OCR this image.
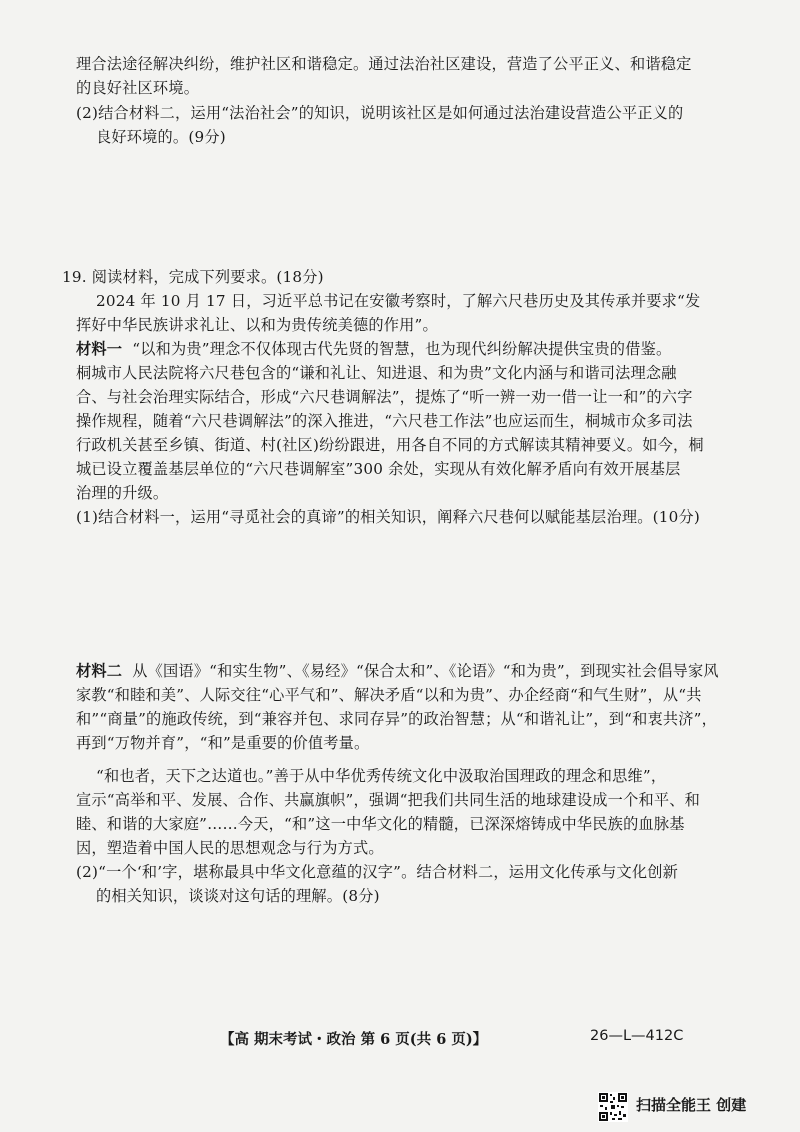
理合法途径解决纠纷，维护社区和谐稳定。通过法治社区建设，营造了公平正义、和谐稳定
的良好社区环境。
(2)结合材料二，运用“法治社会”的知识，说明该社区是如何通过法治建设营造公平正义的
良好环境的。(9分)
19. 阅读材料，完成下列要求。(18分)
2024 年 10 月 17 日，习近平总书记在安徽考察时，了解六尺巷历史及其传承并要求“发
挥好中华民族讲求礼让、以和为贵传统美德的作用”。
材料一 “以和为贵”理念不仅体现古代先贤的智慧，也为现代纠纷解决提供宝贵的借鉴。
桐城市人民法院将六尺巷包含的“谦和礼让、知进退、和为贵”文化内涵与和谐司法理念融
合、与社会治理实际结合，形成“六尺巷调解法”，提炼了“听一辨一劝一借一让一和”的六字
操作规程，随着“六尺巷调解法”的深入推进，“六尺巷工作法”也应运而生，桐城市众多司法
行政机关甚至乡镇、街道、村(社区)纷纷跟进，用各自不同的方式解读其精神要义。如今，桐
城已设立覆盖基层单位的“六尺巷调解室”300 余处，实现从有效化解矛盾向有效开展基层
治理的升级。
(1)结合材料一，运用“寻觅社会的真谛”的相关知识，阐释六尺巷何以赋能基层治理。(10分)
材料二 从《国语》“和实生物”、《易经》“保合太和”、《论语》“和为贵”，到现实社会倡导家风
家教“和睦和美”、人际交往“心平气和”、解决矛盾“以和为贵”、办企经商“和气生财”，从“共
和”“商量”的施政传统，到“兼容并包、求同存异”的政治智慧；从“和谐礼让”，到“和衷共济”，
再到“万物并育”，“和”是重要的价值考量。
“和也者，天下之达道也。”善于从中华优秀传统文化中汲取治国理政的理念和思维”，
宣示“高举和平、发展、合作、共赢旗帜”，强调“把我们共同生活的地球建设成一个和平、和
睦、和谐的大家庭”……今天，“和”这一中华文化的精髓，已深深熔铸成中华民族的血脉基
因，塑造着中国人民的思想观念与行为方式。
(2)“一个‘和’字，堪称最具中华文化意蕴的汉字”。结合材料二，运用文化传承与文化创新
的相关知识，谈谈对这句话的理解。(8分)
【高 期末考试・政治 第 6 页(共 6 页)】	26—L—412C
扫描全能王 创建
